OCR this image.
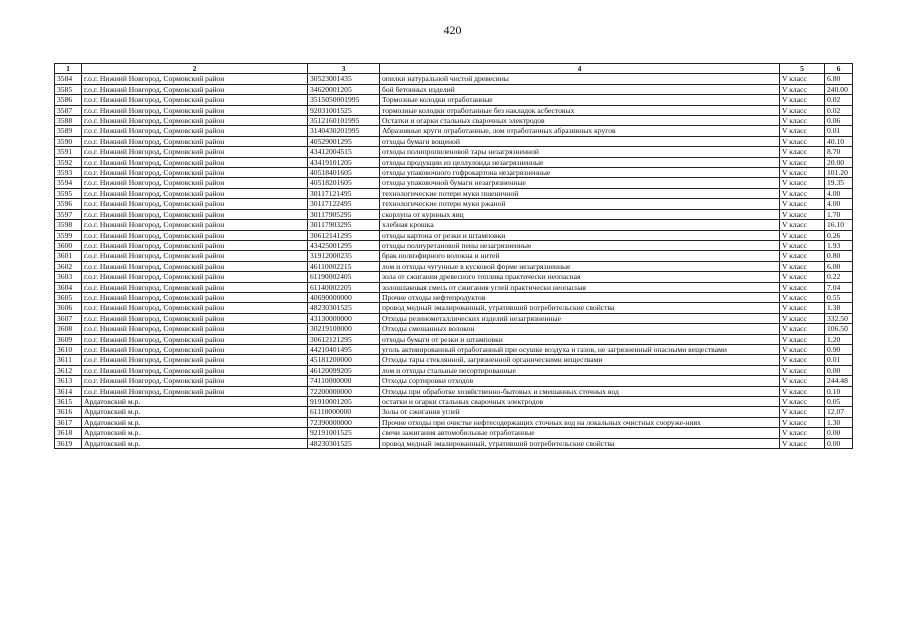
420
1	2	3	4	5	6
3584	г.о.г. Нижний Новгород, Сормовский район	30523001435	опилки натуральной чистой древесины	V класс	6.80
3585	г.о.г. Нижний Новгород, Сормовский район	34620001205	бой бетонных изделий	V класс	240.00
3586	г.о.г. Нижний Новгород, Сормовский район	3515050001995	Тормозные колодки отработанные	V класс	0.02
3587	г.о.г. Нижний Новгород, Сормовский район	92031001525	тормозные колодки отработанные без накладок асбестовых	V класс	0.02
3588	г.о.г. Нижний Новгород, Сормовский район	3512160101995	Остатки и огарки стальных сварочных электродов	V класс	0.06
3589	г.о.г. Нижний Новгород, Сормовский район	3140430201995	Абразивные круги отработанные, лом отработанных абразивных кругов	V класс	0.01
3590	г.о.г. Нижний Новгород, Сормовский район	40529001295	отходы бумаги вощеной	V класс	40.10
3591	г.о.г. Нижний Новгород, Сормовский район	43412004515	отходы полипропиленовой тары незагрязненной	V класс	8.70
3592	г.о.г. Нижний Новгород, Сормовский район	43419101205	отходы продукции из целлулоида незагрязненные	V класс	20.00
3593	г.о.г. Нижний Новгород, Сормовский район	40518401605	отходы упаковочного гофрокартона незагрязненные	V класс	101.20
3594	г.о.г. Нижний Новгород, Сормовский район	40518201605	отходы упаковочной бумаги незагрязненные	V класс	19.35
3595	г.о.г. Нижний Новгород, Сормовский район	30117121495	технологические потери муки пшеничной	V класс	4.00
3596	г.о.г. Нижний Новгород, Сормовский район	30117122495	технологические потери муки ржаной	V класс	4.00
3597	г.о.г. Нижний Новгород, Сормовский район	30117905295	скорлупа от куриных яиц	V класс	1.70
3598	г.о.г. Нижний Новгород, Сормовский район	30117903295	хлебная крошка	V класс	16.10
3599	г.о.г. Нижний Новгород, Сормовский район	30612141295	отходы картона от резки и штамповки	V класс	0.26
3600	г.о.г. Нижний Новгород, Сормовский район	43425001295	отходы полиуретановой пены незагрязненные	V класс	1.93
3601	г.о.г. Нижний Новгород, Сормовский район	31912000235	брак полиэфирного волокна и нитей	V класс	0.80
3602	г.о.г. Нижний Новгород, Сормовский район	46110002215	лом и отходы чугунные в кусковой форме незагрязненные	V класс	6.00
3603	г.о.г. Нижний Новгород, Сормовский район	61190002405	зола от сжигания древесного топлива практически неопасная	V класс	0.22
3604	г.о.г. Нижний Новгород, Сормовский район	61140002205	золошлаковая смесь от сжигания углей практически неопасная	V класс	7.04
3605	г.о.г. Нижний Новгород, Сормовский район	40690000000	Прочие отходы нефтепродуктов	V класс	0.55
3606	г.о.г. Нижний Новгород, Сормовский район	48230301525	провод медный эмалированный, утративший потребительские свойства	V класс	1.38
3607	г.о.г. Нижний Новгород, Сормовский район	43130000000	Отходы резинометаллических изделий незагрязненные	V класс	332.50
3608	г.о.г. Нижний Новгород, Сормовский район	30219100000	Отходы смешанных волокон	V класс	106.50
3609	г.о.г. Нижний Новгород, Сормовский район	30612121295	отходы бумаги от резки и штамповки	V класс	1.20
3610	г.о.г. Нижний Новгород, Сормовский район	44210401495	уголь активированный отработанный при осушке воздуха и газов, не загрязненный опасными веществами	V класс	0.90
3611	г.о.г. Нижний Новгород, Сормовский район	45181200000	Отходы тары стеклянной, загрязненной органическими веществами	V класс	0.01
3612	г.о.г. Нижний Новгород, Сормовский район	46120099205	лом и отходы стальные несортированные	V класс	0.00
3613	г.о.г. Нижний Новгород, Сормовский район	74110000000	Отходы сортировки отходов	V класс	244.48
3614	г.о.г. Нижний Новгород, Сормовский район	72200000000	Отходы при обработке хозяйственно-бытовых и смешанных сточных вод	V класс	0.10
3615	Ардатовский м.р.	91910001205	остатки и огарки стальных сварочных электродов	V класс	0.05
3616	Ардатовский м.р.	61110000000	Золы от сжигания углей	V класс	12.07
3617	Ардатовский м.р.	72390000000	Прочие отходы при очистке нефтесодержащих сточных вод на локальных очистных сооруже-ниях	V класс	1.30
3618	Ардатовский м.р.	92191001525	свечи зажигания автомобильные отработанные	V класс	0.00
3619	Ардатовский м.р.	48230301525	провод медный эмалированный, утративший потребительские свойства	V класс	0.00
